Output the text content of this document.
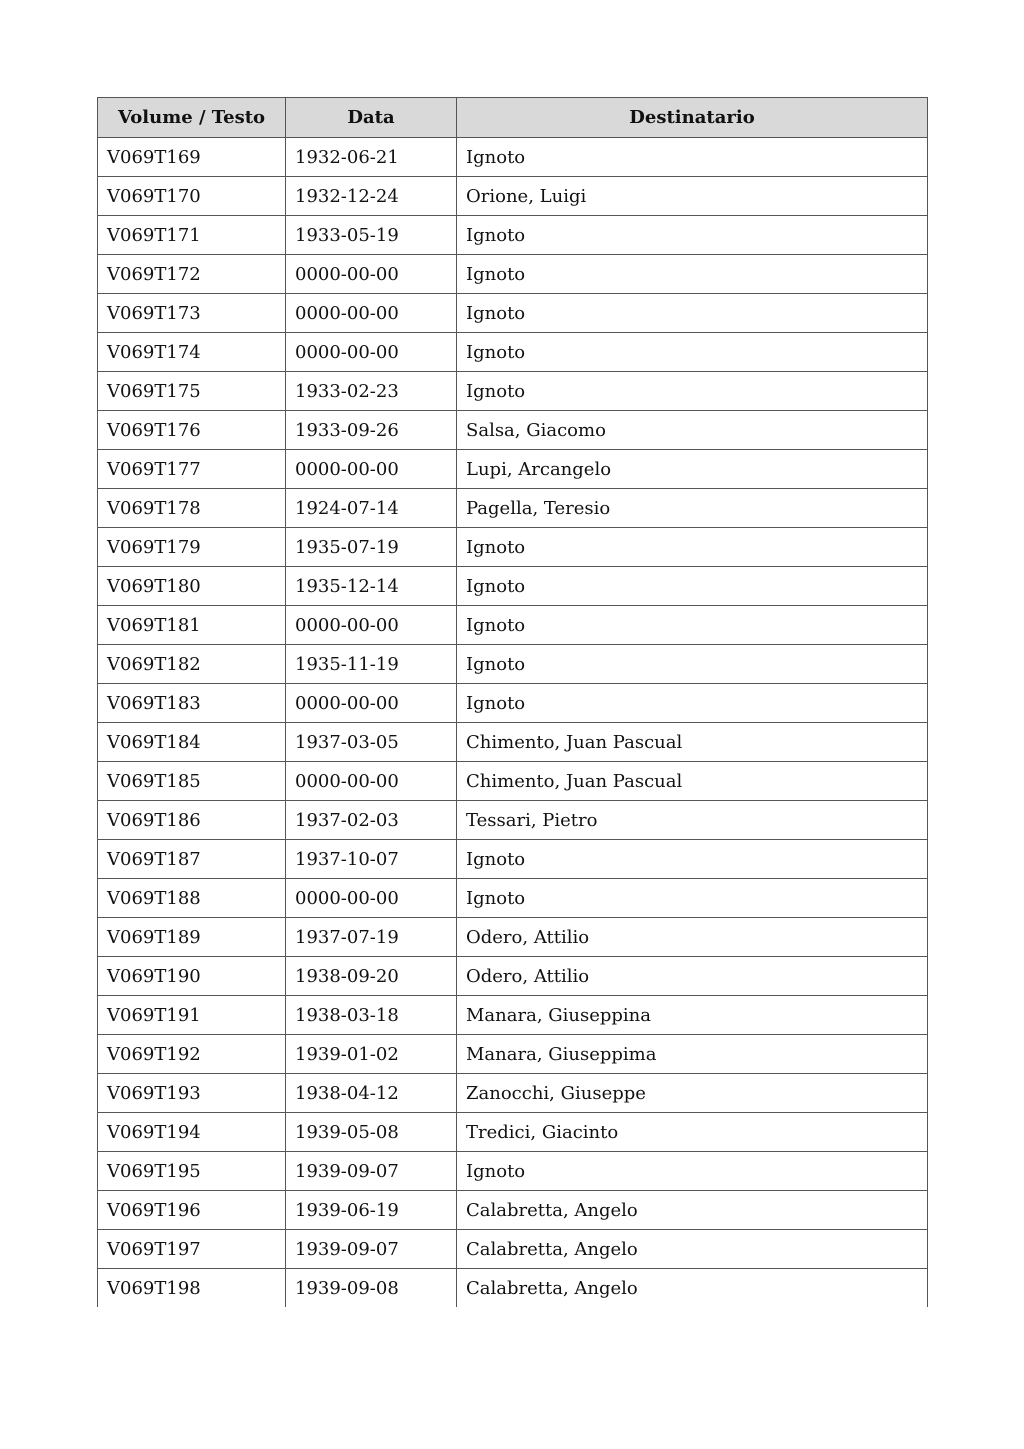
Volume / Testo	Data	Destinatario
V069T169	1932-06-21	Ignoto
V069T170	1932-12-24	Orione, Luigi
V069T171	1933-05-19	Ignoto
V069T172	0000-00-00	Ignoto
V069T173	0000-00-00	Ignoto
V069T174	0000-00-00	Ignoto
V069T175	1933-02-23	Ignoto
V069T176	1933-09-26	Salsa, Giacomo
V069T177	0000-00-00	Lupi, Arcangelo
V069T178	1924-07-14	Pagella, Teresio
V069T179	1935-07-19	Ignoto
V069T180	1935-12-14	Ignoto
V069T181	0000-00-00	Ignoto
V069T182	1935-11-19	Ignoto
V069T183	0000-00-00	Ignoto
V069T184	1937-03-05	Chimento, Juan Pascual
V069T185	0000-00-00	Chimento, Juan Pascual
V069T186	1937-02-03	Tessari, Pietro
V069T187	1937-10-07	Ignoto
V069T188	0000-00-00	Ignoto
V069T189	1937-07-19	Odero, Attilio
V069T190	1938-09-20	Odero, Attilio
V069T191	1938-03-18	Manara, Giuseppina
V069T192	1939-01-02	Manara, Giuseppima
V069T193	1938-04-12	Zanocchi, Giuseppe
V069T194	1939-05-08	Tredici, Giacinto
V069T195	1939-09-07	Ignoto
V069T196	1939-06-19	Calabretta, Angelo
V069T197	1939-09-07	Calabretta, Angelo
V069T198	1939-09-08	Calabretta, Angelo
